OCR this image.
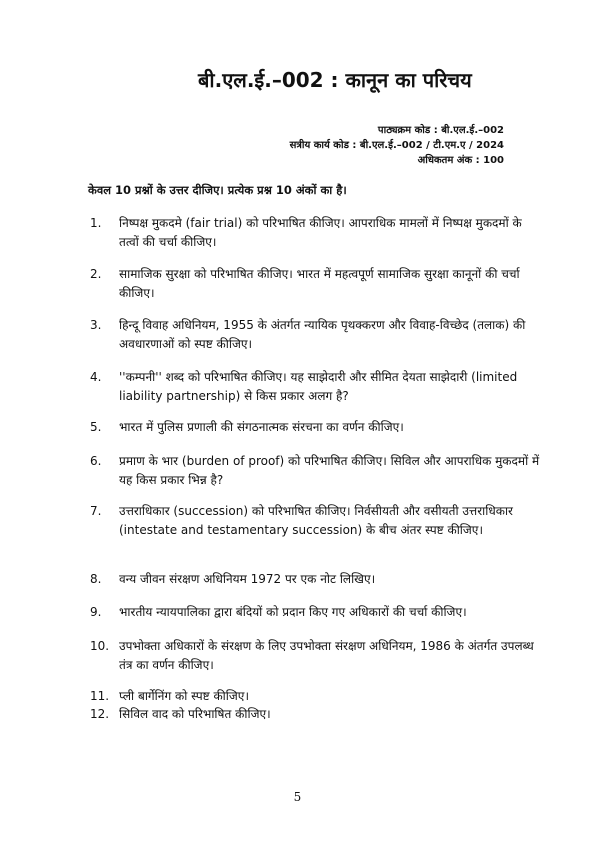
बी.एल.ई.–002 : कानून का परिचय
पाठ्यक्रम कोड : बी.एल.ई.–002
सत्रीय कार्य कोड : बी.एल.ई.–002 / टी.एम.ए / 2024
अधिकतम अंक : 100
केवल 10 प्रश्नों के उत्तर दीजिए। प्रत्येक प्रश्न 10 अंकों का है।
1. निष्पक्ष मुकदमे (fair trial) को परिभाषित कीजिए। आपराधिक मामलों में निष्पक्ष मुकदमों के तत्वों की चर्चा कीजिए।
2. सामाजिक सुरक्षा को परिभाषित कीजिए। भारत में महत्वपूर्ण सामाजिक सुरक्षा कानूनों की चर्चा कीजिए।
3. हिन्दू विवाह अधिनियम, 1955 के अंतर्गत न्यायिक पृथक्करण और विवाह-विच्छेद (तलाक) की अवधारणाओं को स्पष्ट कीजिए।
4. ''कम्पनी'' शब्द को परिभाषित कीजिए। यह साझेदारी और सीमित देयता साझेदारी (limited liability partnership) से किस प्रकार अलग है?
5. भारत में पुलिस प्रणाली की संगठनात्मक संरचना का वर्णन कीजिए।
6. प्रमाण के भार (burden of proof) को परिभाषित कीजिए। सिविल और आपराधिक मुकदमों में यह किस प्रकार भिन्न है?
7. उत्तराधिकार (succession) को परिभाषित कीजिए। निर्वसीयती और वसीयती उत्तराधिकार (intestate and testamentary succession) के बीच अंतर स्पष्ट कीजिए।
8. वन्य जीवन संरक्षण अधिनियम 1972 पर एक नोट लिखिए।
9. भारतीय न्यायपालिका द्वारा बंदियों को प्रदान किए गए अधिकारों की चर्चा कीजिए।
10. उपभोक्ता अधिकारों के संरक्षण के लिए उपभोक्ता संरक्षण अधिनियम, 1986 के अंतर्गत उपलब्ध तंत्र का वर्णन कीजिए।
11. प्ली बार्गेनिंग को स्पष्ट कीजिए।
12. सिविल वाद को परिभाषित कीजिए।
5
